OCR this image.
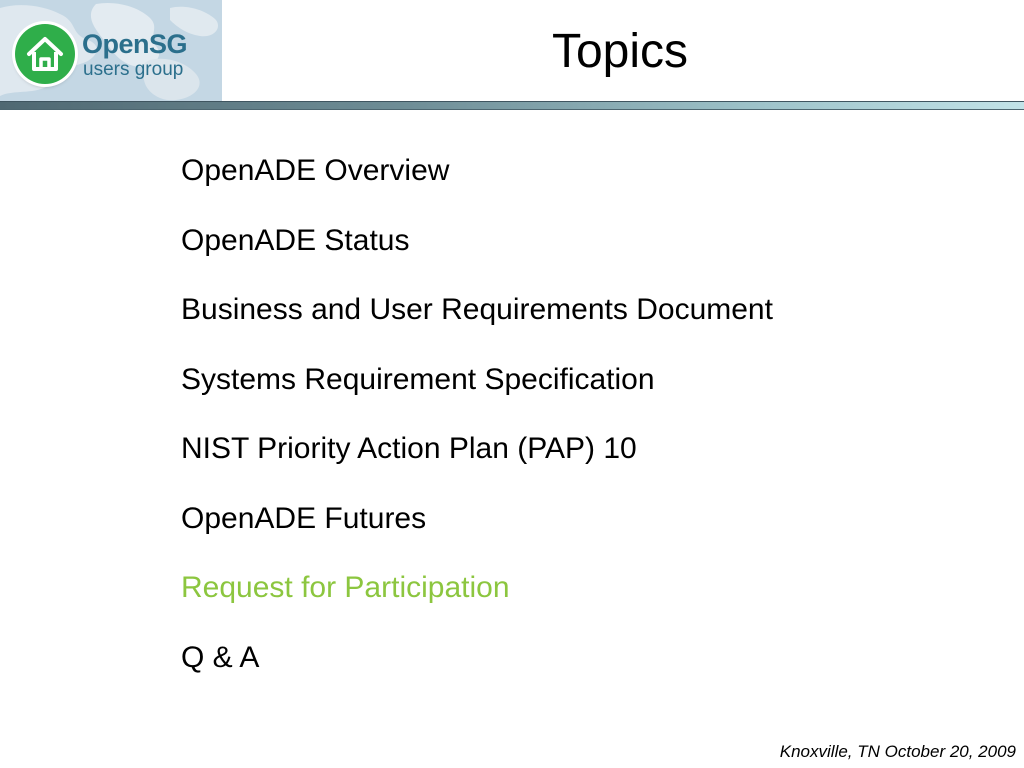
OpenSG
users group	Topics
OpenADE Overview
OpenADE Status
Business and User Requirements Document
Systems Requirement Specification
NIST Priority Action Plan (PAP) 10
OpenADE Futures
Request for Participation
Q & A
Knoxville, TN October 20, 2009
